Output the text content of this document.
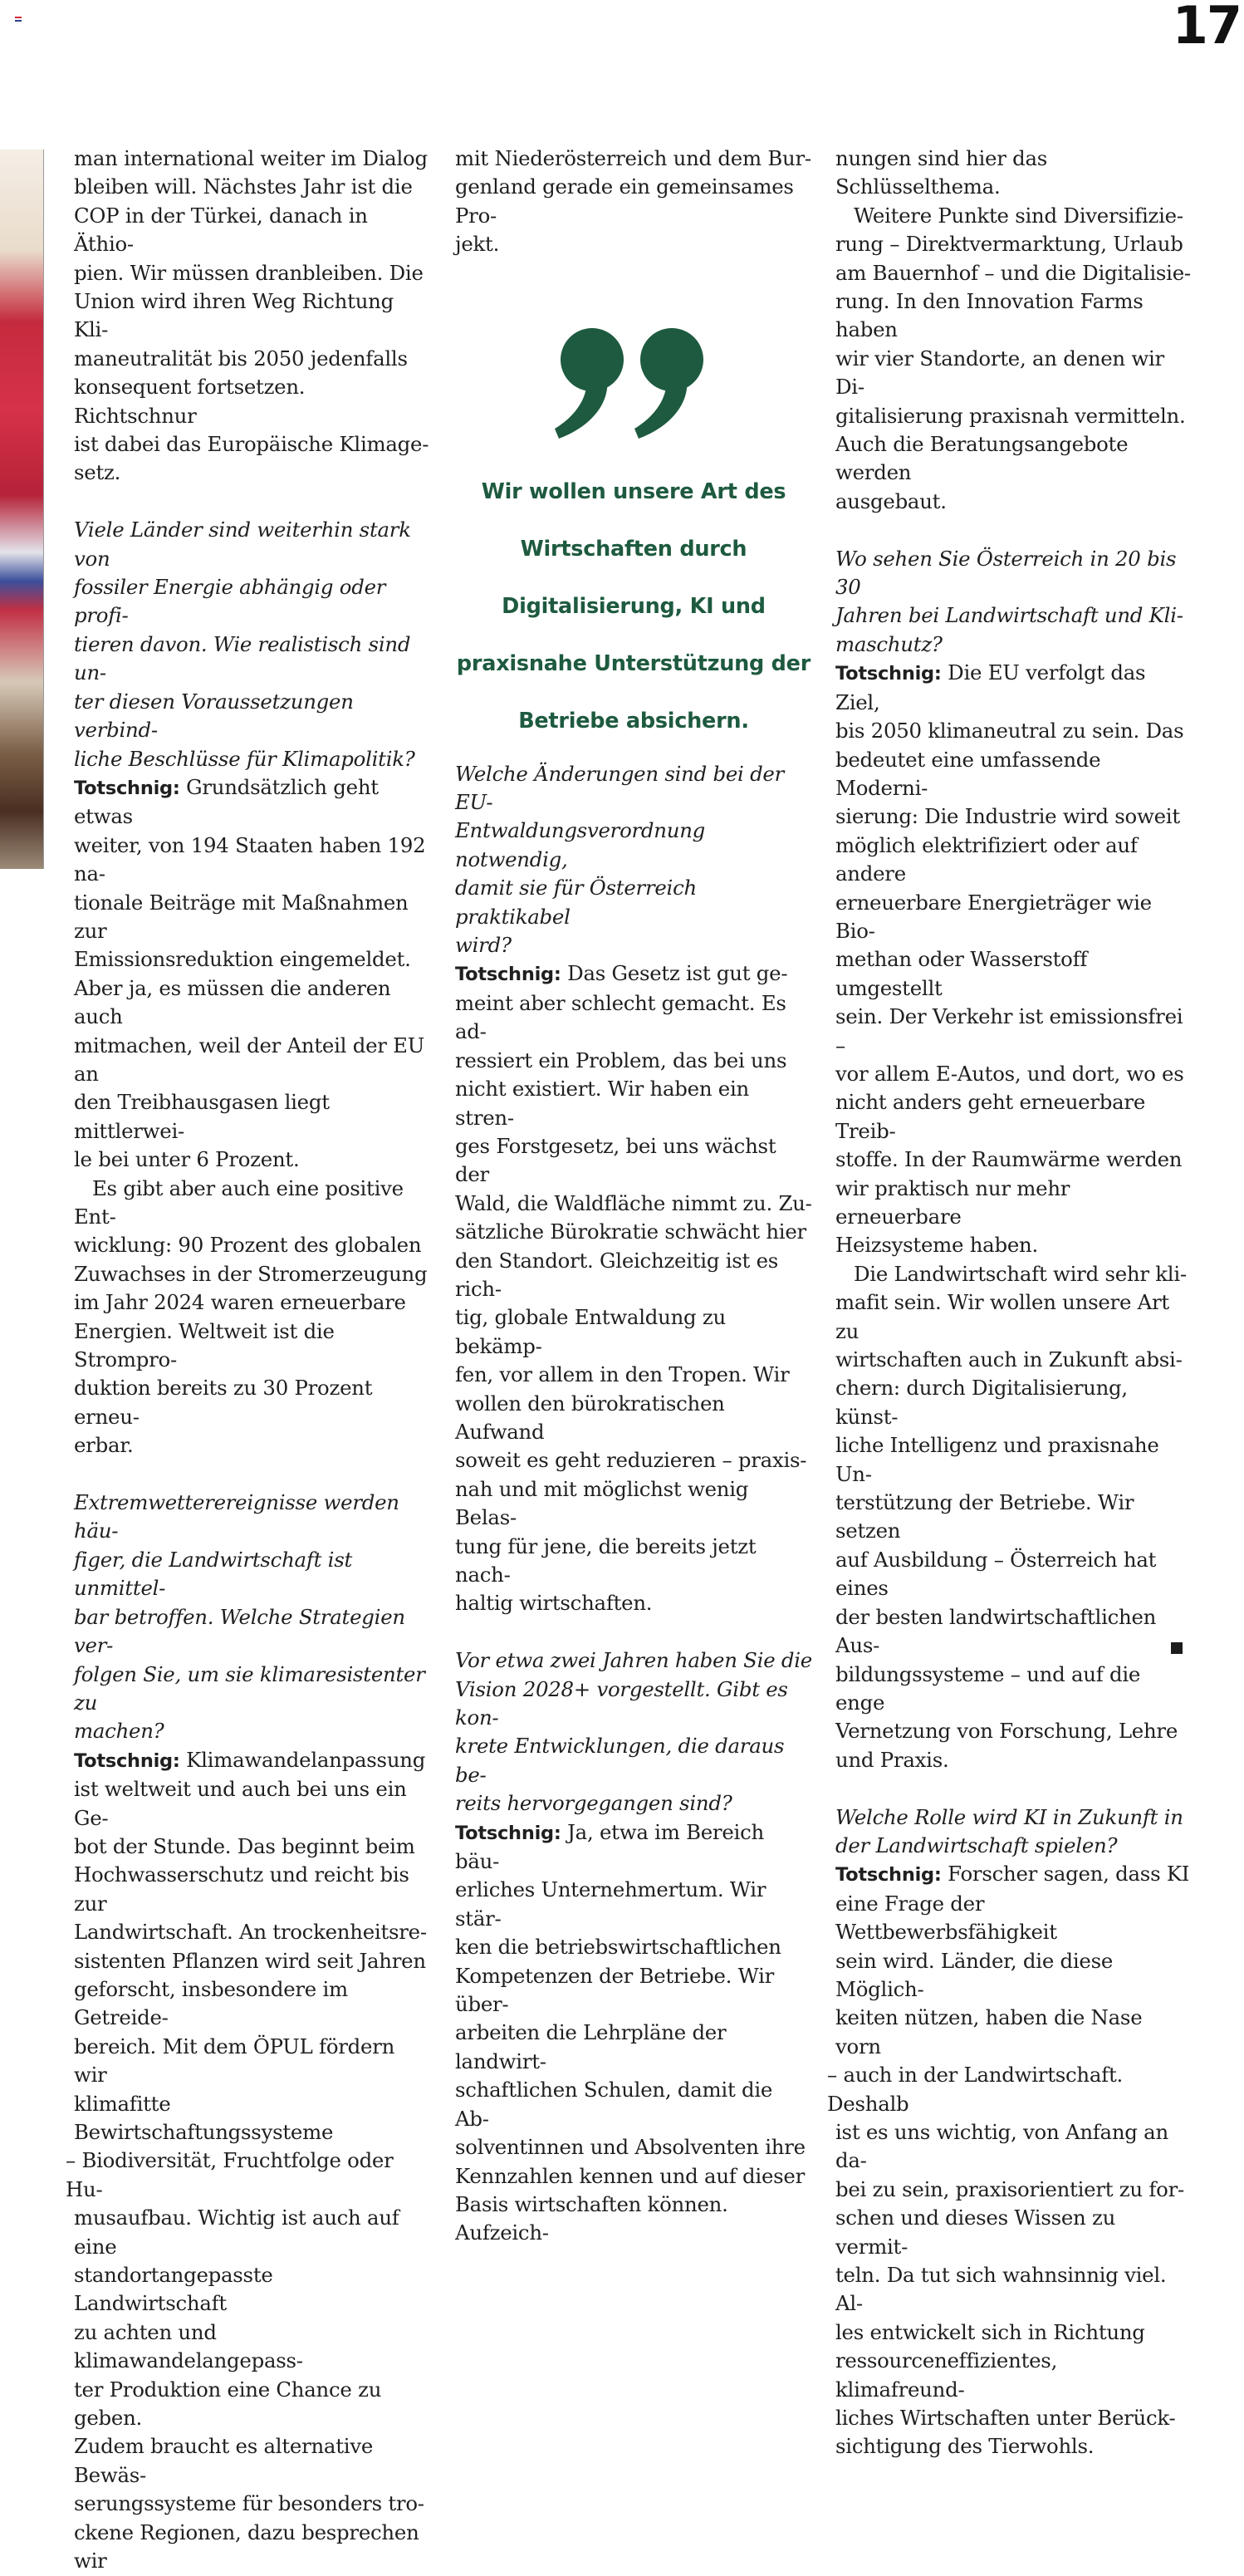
17

man international weiter im Dialog

bleiben will. Nächstes Jahr ist die

COP in der Türkei, danach in Äthio-

pien. Wir müssen dranbleiben. Die

Union wird ihren Weg Richtung Kli-

maneutralität bis 2050 jedenfalls

konsequent fortsetzen. Richtschnur

ist dabei das Europäische Klimage-

setz.

Viele Länder sind weiterhin stark von

fossiler Energie abhängig oder profi-

tieren davon. Wie realistisch sind un-

ter diesen Voraussetzungen verbind-

liche Beschlüsse für Klimapolitik?

Totschnig: Grundsätzlich geht etwas

weiter, von 194 Staaten haben 192 na-

tionale Beiträge mit Maßnahmen zur

Emissionsreduktion eingemeldet.

Aber ja, es müssen die anderen auch

mitmachen, weil der Anteil der EU an

den Treibhausgasen liegt mittlerwei-

le bei unter 6 Prozent.

Es gibt aber auch eine positive Ent-

wicklung: 90 Prozent des globalen

Zuwachses in der Stromerzeugung

im Jahr 2024 waren erneuerbare

Energien. Weltweit ist die Strompro-

duktion bereits zu 30 Prozent erneu-

erbar.

Extremwetterereignisse werden häu-

figer, die Landwirtschaft ist unmittel-

bar betroffen. Welche Strategien ver-

folgen Sie, um sie klimaresistenter zu

machen?

Totschnig: Klimawandelanpassung

ist weltweit und auch bei uns ein Ge-

bot der Stunde. Das beginnt beim

Hochwasserschutz und reicht bis zur

Landwirtschaft. An trockenheitsre-

sistenten Pflanzen wird seit Jahren

geforscht, insbesondere im Getreide-

bereich. Mit dem ÖPUL fördern wir

klimafitte Bewirtschaftungssysteme

– Biodiversität, Fruchtfolge oder Hu-

musaufbau. Wichtig ist auch auf eine

standortangepasste Landwirtschaft

zu achten und klimawandelangepass-

ter Produktion eine Chance zu geben.

Zudem braucht es alternative Bewäs-

serungssysteme für besonders tro-

ckene Regionen, dazu besprechen wir

mit Niederösterreich und dem Bur-

genland gerade ein gemeinsames Pro-

jekt.

Wir wollen unsere Art des

Wirtschaften durch

Digitalisierung, KI und

praxisnahe Unterstützung der

Betriebe absichern.

Welche Änderungen sind bei der EU-

Entwaldungsverordnung notwendig,

damit sie für Österreich praktikabel

wird?

Totschnig: Das Gesetz ist gut ge-

meint aber schlecht gemacht. Es ad-

ressiert ein Problem, das bei uns

nicht existiert. Wir haben ein stren-

ges Forstgesetz, bei uns wächst der

Wald, die Waldfläche nimmt zu. Zu-

sätzliche Bürokratie schwächt hier

den Standort. Gleichzeitig ist es rich-

tig, globale Entwaldung zu bekämp-

fen, vor allem in den Tropen. Wir

wollen den bürokratischen Aufwand

soweit es geht reduzieren – praxis-

nah und mit möglichst wenig Belas-

tung für jene, die bereits jetzt nach-

haltig wirtschaften.

Vor etwa zwei Jahren haben Sie die

Vision 2028+ vorgestellt. Gibt es kon-

krete Entwicklungen, die daraus be-

reits hervorgegangen sind?

Totschnig: Ja, etwa im Bereich bäu-

erliches Unternehmertum. Wir stär-

ken die betriebswirtschaftlichen

Kompetenzen der Betriebe. Wir über-

arbeiten die Lehrpläne der landwirt-

schaftlichen Schulen, damit die Ab-

solventinnen und Absolventen ihre

Kennzahlen kennen und auf dieser

Basis wirtschaften können. Aufzeich-

nungen sind hier das Schlüsselthema.

Weitere Punkte sind Diversifizie-

rung – Direktvermarktung, Urlaub

am Bauernhof – und die Digitalisie-

rung. In den Innovation Farms haben

wir vier Standorte, an denen wir Di-

gitalisierung praxisnah vermitteln.

Auch die Beratungsangebote werden

ausgebaut.

Wo sehen Sie Österreich in 20 bis 30

Jahren bei Landwirtschaft und Kli-

maschutz?

Totschnig: Die EU verfolgt das Ziel,

bis 2050 klimaneutral zu sein. Das

bedeutet eine umfassende Moderni-

sierung: Die Industrie wird soweit

möglich elektrifiziert oder auf andere

erneuerbare Energieträger wie Bio-

methan oder Wasserstoff umgestellt

sein. Der Verkehr ist emissionsfrei –

vor allem E-Autos, und dort, wo es

nicht anders geht erneuerbare Treib-

stoffe. In der Raumwärme werden

wir praktisch nur mehr erneuerbare

Heizsysteme haben.

Die Landwirtschaft wird sehr kli-

mafit sein. Wir wollen unsere Art zu

wirtschaften auch in Zukunft absi-

chern: durch Digitalisierung, künst-

liche Intelligenz und praxisnahe Un-

terstützung der Betriebe. Wir setzen

auf Ausbildung – Österreich hat eines

der besten landwirtschaftlichen Aus-

bildungssysteme – und auf die enge

Vernetzung von Forschung, Lehre

und Praxis.

Welche Rolle wird KI in Zukunft in

der Landwirtschaft spielen?

Totschnig: Forscher sagen, dass KI

eine Frage der Wettbewerbsfähigkeit

sein wird. Länder, die diese Möglich-

keiten nützen, haben die Nase vorn

– auch in der Landwirtschaft. Deshalb

ist es uns wichtig, von Anfang an da-

bei zu sein, praxisorientiert zu for-

schen und dieses Wissen zu vermit-

teln. Da tut sich wahnsinnig viel. Al-

les entwickelt sich in Richtung

ressourceneffizientes, klimafreund-

liches Wirtschaften unter Berück-

sichtigung des Tierwohls.
